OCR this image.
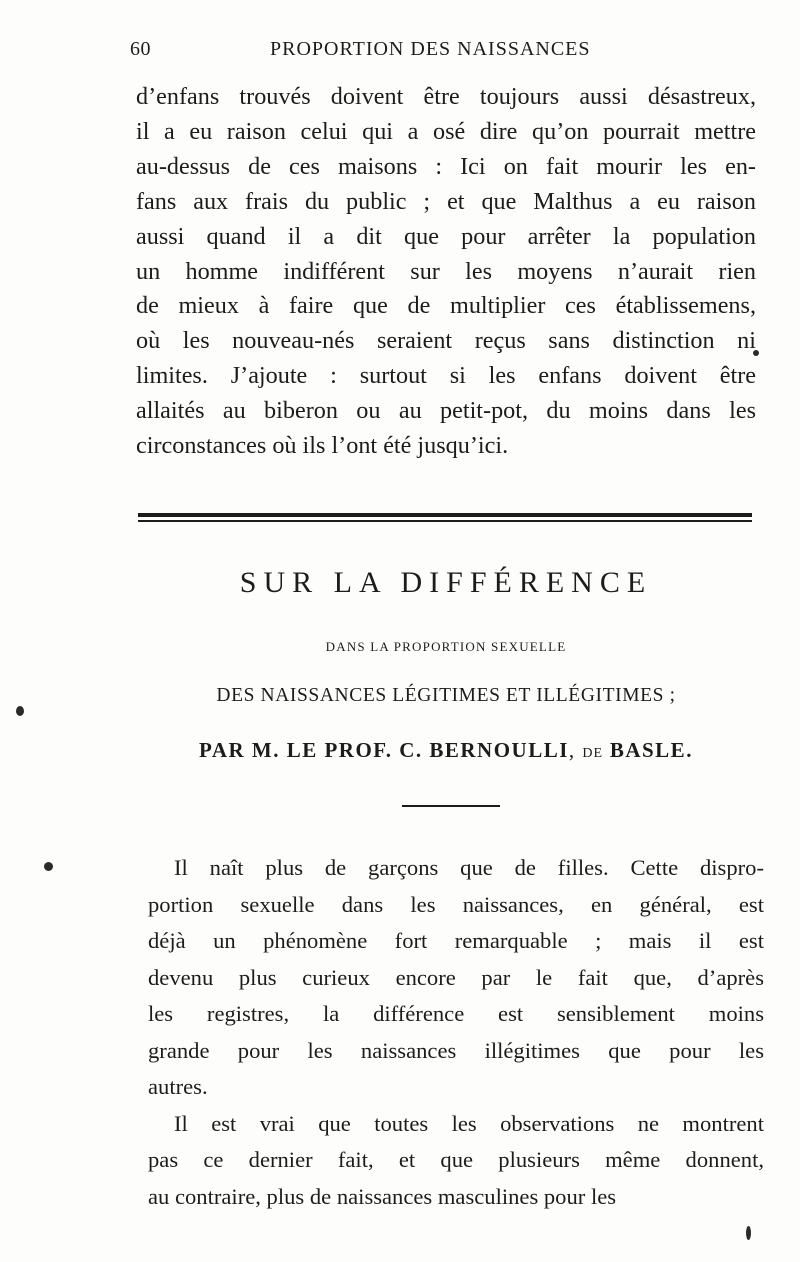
60	PROPORTION DES NAISSANCES

d’enfans trouvés doivent être toujours aussi désastreux,

il a eu raison celui qui a osé dire qu’on pourrait mettre

au-dessus de ces maisons : Ici on fait mourir les en-

fans aux frais du public ; et que Malthus a eu raison

aussi quand il a dit que pour arrêter la population

un homme indifférent sur les moyens n’aurait rien

de mieux à faire que de multiplier ces établissemens,

où les nouveau-nés seraient reçus sans distinction ni

limites. J’ajoute : surtout si les enfans doivent être

allaités au biberon ou au petit-pot, du moins dans les

circonstances où ils l’ont été jusqu’ici.

SUR LA DIFFÉRENCE
DANS LA PROPORTION SEXUELLE
DES NAISSANCES LÉGITIMES ET ILLÉGITIMES ;
PAR M. LE PROF. C. BERNOULLI, DE BASLE.
Il naît plus de garçons que de filles. Cette dispro-
portion sexuelle dans les naissances, en général, est
déjà un phénomène fort remarquable ; mais il est
devenu plus curieux encore par le fait que, d’après
les registres, la différence est sensiblement moins
grande pour les naissances illégitimes que pour les
autres.
Il est vrai que toutes les observations ne montrent
pas ce dernier fait, et que plusieurs même donnent,
au contraire, plus de naissances masculines pour les
